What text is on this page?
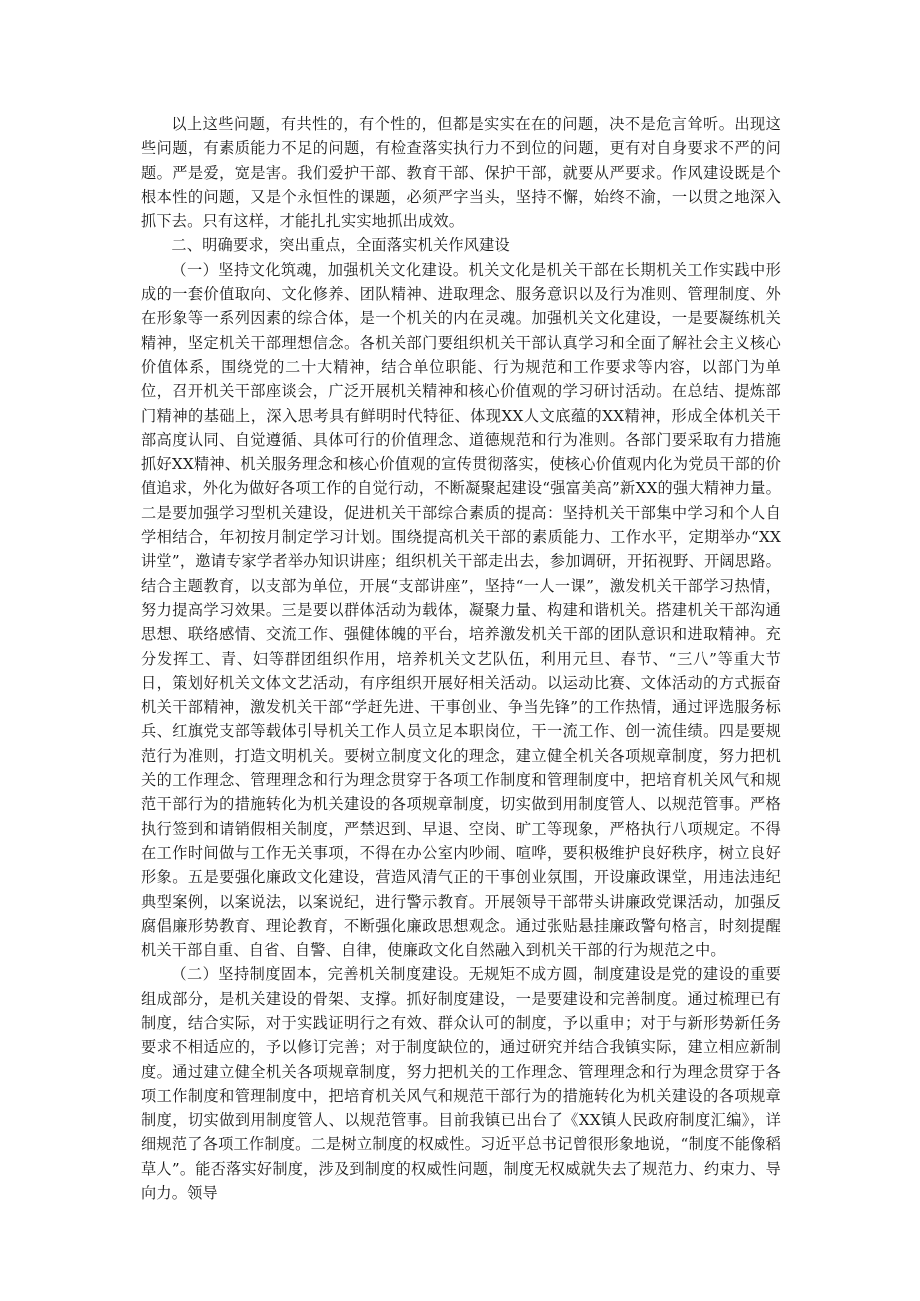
以上这些问题，有共性的，有个性的，但都是实实在在的问题，决不是危言耸听。出现这些问题，有素质能力不足的问题，有检查落实执行力不到位的问题，更有对自身要求不严的问题。严是爱，宽是害。我们爱护干部、教育干部、保护干部，就要从严要求。作风建设既是个根本性的问题，又是个永恒性的课题，必须严字当头，坚持不懈，始终不渝，一以贯之地深入抓下去。只有这样，才能扎扎实实地抓出成效。

二、明确要求，突出重点，全面落实机关作风建设

（一）坚持文化筑魂，加强机关文化建设。机关文化是机关干部在长期机关工作实践中形成的一套价值取向、文化修养、团队精神、进取理念、服务意识以及行为准则、管理制度、外在形象等一系列因素的综合体，是一个机关的内在灵魂。加强机关文化建设，一是要凝练机关精神，坚定机关干部理想信念。各机关部门要组织机关干部认真学习和全面了解社会主义核心价值体系，围绕党的二十大精神，结合单位职能、行为规范和工作要求等内容，以部门为单位，召开机关干部座谈会，广泛开展机关精神和核心价值观的学习研讨活动。在总结、提炼部门精神的基础上，深入思考具有鲜明时代特征、体现XX人文底蕴的XX精神，形成全体机关干部高度认同、自觉遵循、具体可行的价值理念、道德规范和行为准则。各部门要采取有力措施抓好XX精神、机关服务理念和核心价值观的宣传贯彻落实，使核心价值观内化为党员干部的价值追求，外化为做好各项工作的自觉行动，不断凝聚起建设“强富美高”新XX的强大精神力量。二是要加强学习型机关建设，促进机关干部综合素质的提高：坚持机关干部集中学习和个人自学相结合，年初按月制定学习计划。围绕提高机关干部的素质能力、工作水平，定期举办“XX讲堂”，邀请专家学者举办知识讲座；组织机关干部走出去，参加调研，开拓视野、开阔思路。结合主题教育，以支部为单位，开展“支部讲座”，坚持“一人一课”，激发机关干部学习热情，努力提高学习效果。三是要以群体活动为载体，凝聚力量、构建和谐机关。搭建机关干部沟通思想、联络感情、交流工作、强健体魄的平台，培养激发机关干部的团队意识和进取精神。充分发挥工、青、妇等群团组织作用，培养机关文艺队伍，利用元旦、春节、“三八”等重大节日，策划好机关文体文艺活动，有序组织开展好相关活动。以运动比赛、文体活动的方式振奋机关干部精神，激发机关干部“学赶先进、干事创业、争当先锋”的工作热情，通过评选服务标兵、红旗党支部等载体引导机关工作人员立足本职岗位，干一流工作、创一流佳绩。四是要规范行为准则，打造文明机关。要树立制度文化的理念，建立健全机关各项规章制度，努力把机关的工作理念、管理理念和行为理念贯穿于各项工作制度和管理制度中，把培育机关风气和规范干部行为的措施转化为机关建设的各项规章制度，切实做到用制度管人、以规范管事。严格执行签到和请销假相关制度，严禁迟到、早退、空岗、旷工等现象，严格执行八项规定。不得在工作时间做与工作无关事项，不得在办公室内吵闹、喧哗，要积极维护良好秩序，树立良好形象。五是要强化廉政文化建设，营造风清气正的干事创业氛围，开设廉政课堂，用违法违纪典型案例，以案说法，以案说纪，进行警示教育。开展领导干部带头讲廉政党课活动，加强反腐倡廉形势教育、理论教育，不断强化廉政思想观念。通过张贴悬挂廉政警句格言，时刻提醒机关干部自重、自省、自警、自律，使廉政文化自然融入到机关干部的行为规范之中。

（二）坚持制度固本，完善机关制度建设。无规矩不成方圆，制度建设是党的建设的重要组成部分，是机关建设的骨架、支撑。抓好制度建设，一是要建设和完善制度。通过梳理已有制度，结合实际，对于实践证明行之有效、群众认可的制度，予以重申；对于与新形势新任务要求不相适应的，予以修订完善；对于制度缺位的，通过研究并结合我镇实际，建立相应新制度。通过建立健全机关各项规章制度，努力把机关的工作理念、管理理念和行为理念贯穿于各项工作制度和管理制度中，把培育机关风气和规范干部行为的措施转化为机关建设的各项规章制度，切实做到用制度管人、以规范管事。目前我镇已出台了《XX镇人民政府制度汇编》，详细规范了各项工作制度。二是树立制度的权威性。习近平总书记曾很形象地说，“制度不能像稻草人”。能否落实好制度，涉及到制度的权威性问题，制度无权威就失去了规范力、约束力、导向力。领导
